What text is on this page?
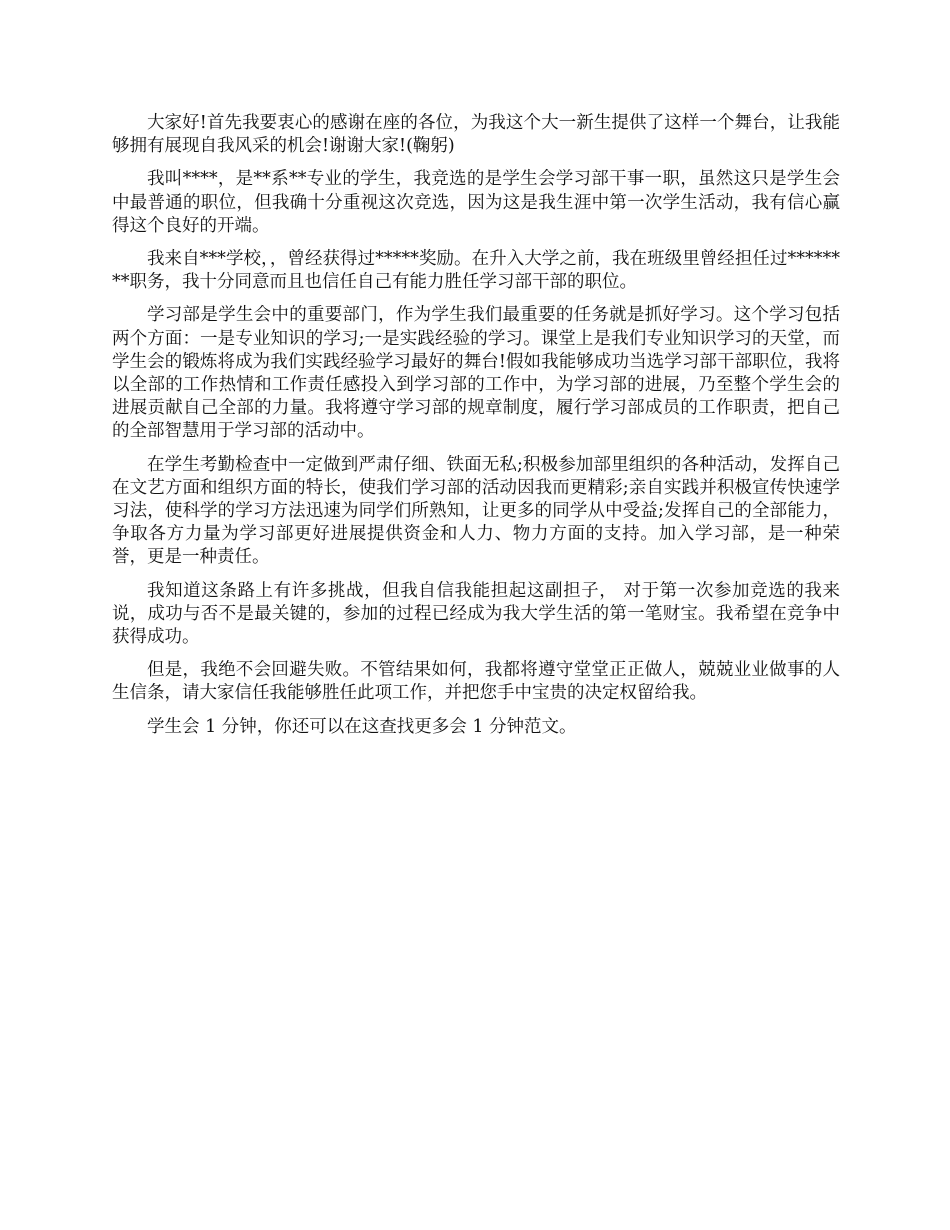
大家好!首先我要衷心的感谢在座的各位，为我这个大一新生提供了这样一个舞台，让我能够拥有展现自我风采的机会!谢谢大家!(鞠躬)

我叫****，是**系**专业的学生，我竞选的是学生会学习部干事一职，虽然这只是学生会中最普通的职位，但我确十分重视这次竞选，因为这是我生涯中第一次学生活动，我有信心赢得这个良好的开端。

我来自***学校，，曾经获得过*****奖励。在升入大学之前，我在班级里曾经担任过********职务，我十分同意而且也信任自己有能力胜任学习部干部的职位。

学习部是学生会中的重要部门，作为学生我们最重要的任务就是抓好学习。这个学习包括两个方面：一是专业知识的学习;一是实践经验的学习。课堂上是我们专业知识学习的天堂，而学生会的锻炼将成为我们实践经验学习最好的舞台!假如我能够成功当选学习部干部职位，我将以全部的工作热情和工作责任感投入到学习部的工作中，为学习部的进展，乃至整个学生会的进展贡献自己全部的力量。我将遵守学习部的规章制度，履行学习部成员的工作职责，把自己的全部智慧用于学习部的活动中。

在学生考勤检查中一定做到严肃仔细、铁面无私;积极参加部里组织的各种活动，发挥自己在文艺方面和组织方面的特长，使我们学习部的活动因我而更精彩;亲自实践并积极宣传快速学习法，使科学的学习方法迅速为同学们所熟知，让更多的同学从中受益;发挥自己的全部能力，争取各方力量为学习部更好进展提供资金和人力、物力方面的支持。加入学习部，是一种荣誉，更是一种责任。

我知道这条路上有许多挑战，但我自信我能担起这副担子， 对于第一次参加竞选的我来说，成功与否不是最关键的，参加的过程已经成为我大学生活的第一笔财宝。我希望在竞争中获得成功。

但是，我绝不会回避失败。不管结果如何，我都将遵守堂堂正正做人，兢兢业业做事的人生信条，请大家信任我能够胜任此项工作，并把您手中宝贵的决定权留给我。

学生会 1 分钟，你还可以在这查找更多会 1 分钟范文。
